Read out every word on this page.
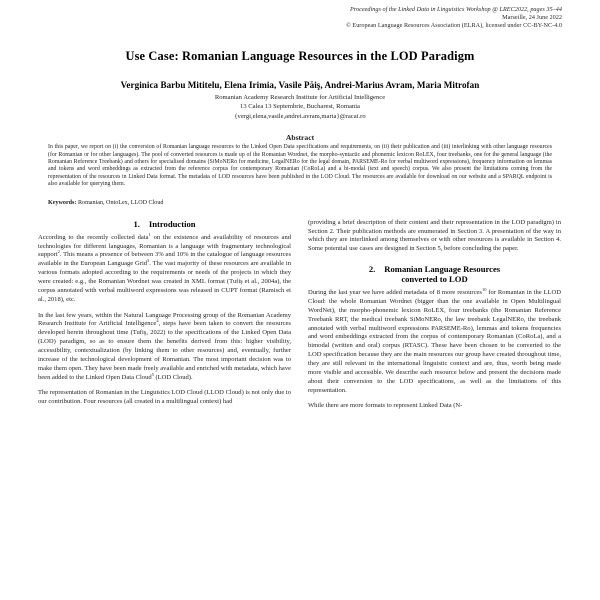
Proceedings of the Linked Data in Linguistics Workshop @ LREC2022, pages 35–44
Marseille, 24 June 2022
© European Language Resources Association (ELRA), licensed under CC-BY-NC-4.0
Use Case: Romanian Language Resources in the LOD Paradigm
Verginica Barbu Mititelu, Elena Irimia, Vasile Păiş, Andrei-Marius Avram, Maria Mitrofan
Romanian Academy Research Institute for Artificial Intelligence
13 Calea 13 Septembrie, Bucharest, Romania
{vergi,elena,vasile,andrei.avram,maria}@racai.ro
Abstract
In this paper, we report on (i) the conversion of Romanian language resources to the Linked Open Data specifications and requirements, on (ii) their publication and (iii) interlinking with other language resources (for Romanian or for other languages). The pool of converted resources is made up of the Romanian Wordnet, the morpho-syntactic and phonemic lexicon RoLEX, four treebanks, one for the general language (the Romanian Reference Treebank) and others for specialised domains (SiMoNERo for medicine, LegalNERo for the legal domain, PARSEME-Ro for verbal multiword expressions), frequency information on lemmas and tokens and word embeddings as extracted from the reference corpus for contemporary Romanian (CoRoLa) and a bi-modal (text and speech) corpus. We also present the limitations coming from the representation of the resources in Linked Data format. The metadata of LOD resources have been published in the LOD Cloud. The resources are available for download on our website and a SPARQL endpoint is also available for querying them.
Keywords: Romanian, OntoLex, LLOD Cloud
1. Introduction

According to the recently collected data$^1$ on the existence and availability of resources and technologies for different languages, Romanian is a language with fragmentary technological support$^2$. This means a presence of between 3% and 10% in the catalogue of language resources available in the European Language Grid$^3$. The vast majority of these resources are available in various formats adopted according to the requirements or needs of the projects in which they were created: e.g., the Romanian Wordnet was created in XML format (Tufiş et al., 2004a), the corpus annotated with verbal multiword expressions was released in CUPT format (Ramisch et al., 2018), etc.

In the last few years, within the Natural Language Processing group of the Romanian Academy Research Institute for Artificial Intelligence$^4$, steps have been taken to convert the resources developed herein throughout time (Tufiş, 2022) to the specifications of the Linked Open Data (LOD) paradigm, so as to ensure them the benefits derived from this: higher visibility, accessibility, contextualization (by linking them to other resources) and, eventually, further increase of the technological development of Romanian. The most important decision was to make them open. They have been made freely available and enriched with metadata, which have been added to the Linked Open Data Cloud$^5$ (LOD Cloud).

The representation of Romanian in the Linguistics LOD Cloud (LLOD Cloud) is not only due to our contribution. Four resources (all created in a multilingual context) had

(providing a brief description of their content and their representation in the LOD paradigm) in Section 2. Their publication methods are enumerated in Section 3. A presentation of the way in which they are interlinked among themselves or with other resources is available in Section 4. Some potential use cases are designed in Section 5, before concluding the paper.

2. Romanian Language Resources
converted to LOD

During the last year we have added metadata of 8 more resources$^{10}$ for Romanian in the LLOD Cloud: the whole Romanian Wordnet (bigger than the one available in Open Multilingual WordNet), the morpho-phonemic lexicon RoLEX, four treebanks (the Romanian Reference Treebank RRT, the medical treebank SiMoNERo, the law treebank LegalNERo, the treebank annotated with verbal multiword expressions PARSEME-Ro), lemmas and tokens frequencies and word embeddings extracted from the corpus of contemporary Romanian (CoRoLa), and a bimodal (written and oral) corpus (RTASC). These have been chosen to be converted to the LOD specification because they are the main resources our group have created throughout time, they are still relevant in the international linguistic context and are, thus, worth being made more visible and accessible. We describe each resource below and present the decisions made about their conversion to the LOD specifications, as well as the limitations of this representation.

While there are more formats to represent Linked Data (N-
